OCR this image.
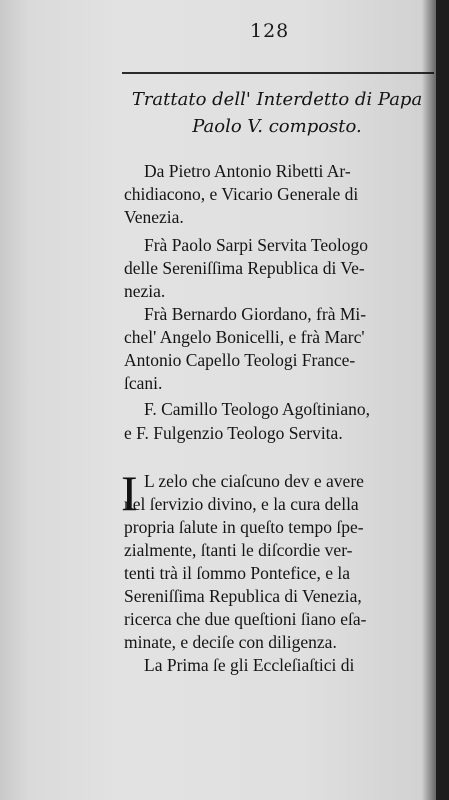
128
Trattato dell' Interdetto di Papa
Paolo V. composto.
Da Pietro Antonio Ribetti Ar-
chidiacono, e Vicario Generale di
Venezia.
Frà Paolo Sarpi Servita Teologo
delle Sereniſſima Republica di Ve-
nezia.
Frà Bernardo Giordano, frà Mi-
chel' Angelo Bonicelli, e frà Marc'
Antonio Capello Teologi France-
ſcani.
F. Camillo Teologo Agoſtiniano,
e F. Fulgenzio Teologo Servita.
I L zelo che ciaſcuno dev e avere
nel ſervizio divino, e la cura della
propria ſalute in queſto tempo ſpe-
zialmente, ſtanti le diſcordie ver-
tenti trà il ſommo Pontefice, e la
Sereniſſima Republica di Venezia,
ricerca che due queſtioni ſiano eſa-
minate, e deciſe con diligenza.
La Prima ſe gli Eccleſiaſtici di
